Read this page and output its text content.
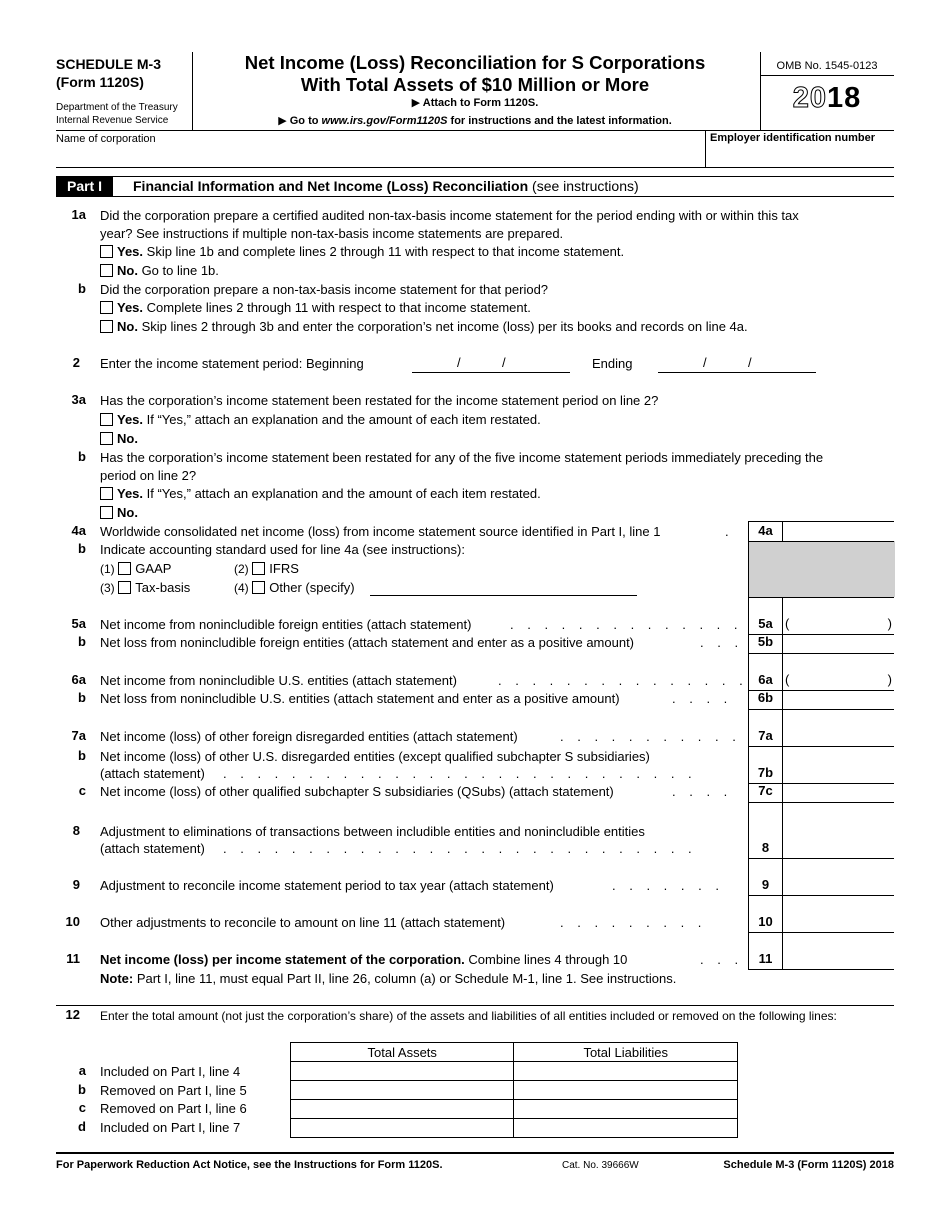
SCHEDULE M-3
(Form 1120S)
Department of the Treasury
Internal Revenue Service
Net Income (Loss) Reconciliation for S Corporations
With Total Assets of $10 Million or More
▶ Attach to Form 1120S.
▶ Go to www.irs.gov/Form1120S for instructions and the latest information.
OMB No. 1545-0123
2018
Name of corporation	Employer identification number
Part I	Financial Information and Net Income (Loss) Reconciliation (see instructions)
1a Did the corporation prepare a certified audited non-tax-basis income statement for the period ending with or within this tax
year? See instructions if multiple non-tax-basis income statements are prepared.
Yes. Skip line 1b and complete lines 2 through 11 with respect to that income statement.
No. Go to line 1b.
b Did the corporation prepare a non-tax-basis income statement for that period?
Yes. Complete lines 2 through 11 with respect to that income statement.
No. Skip lines 2 through 3b and enter the corporation’s net income (loss) per its books and records on line 4a.
2 Enter the income statement period: Beginning	/	/	Ending	/	/
3a Has the corporation’s income statement been restated for the income statement period on line 2?
Yes. If “Yes,” attach an explanation and the amount of each item restated.
No.
b Has the corporation’s income statement been restated for any of the five income statement periods immediately preceding the
period on line 2?
Yes. If “Yes,” attach an explanation and the amount of each item restated.
No.
4a Worldwide consolidated net income (loss) from income statement source identified in Part I, line 1	.	4a
b Indicate accounting standard used for line 4a (see instructions):
(1) GAAP	(2) IFRS
(3) Tax-basis	(4) Other (specify)
5a Net income from nonincludible foreign entities (attach statement)	. . . . . . . . . . . . . .	5a (	)
b Net loss from nonincludible foreign entities (attach statement and enter as a positive amount)	. . .	5b
6a Net income from nonincludible U.S. entities (attach statement)	. . . . . . . . . . . . . . . 6a (	)
b Net loss from nonincludible U.S. entities (attach statement and enter as a positive amount)	. . . .	6b
7a Net income (loss) of other foreign disregarded entities (attach statement)	. . . . . . . . . . .	7a
b Net income (loss) of other U.S. disregarded entities (except qualified subchapter S subsidiaries)
(attach statement) . . . . . . . . . . . . . . . . . . . . . . . . . . . .	7b
c Net income (loss) of other qualified subchapter S subsidiaries (QSubs) (attach statement)	. . . .	7c
8 Adjustment to eliminations of transactions between includible entities and nonincludible entities
(attach statement) . . . . . . . . . . . . . . . . . . . . . . . . . . . .	8
9 Adjustment to reconcile income statement period to tax year (attach statement)	. . . . . . .	9
10 Other adjustments to reconcile to amount on line 11 (attach statement)	. . . . . . . . .	10
11 Net income (loss) per income statement of the corporation. Combine lines 4 through 10	. . .	11
Note: Part I, line 11, must equal Part II, line 26, column (a) or Schedule M-1, line 1. See instructions.
12 Enter the total amount (not just the corporation’s share) of the assets and liabilities of all entities included or removed on the following lines:
Total Assets	Total Liabilities

a Included on Part I, line 4
b Removed on Part I, line 5
c Removed on Part I, line 6
d Included on Part I, line 7
For Paperwork Reduction Act Notice, see the Instructions for Form 1120S.	Cat. No. 39666W	Schedule M-3 (Form 1120S) 2018
